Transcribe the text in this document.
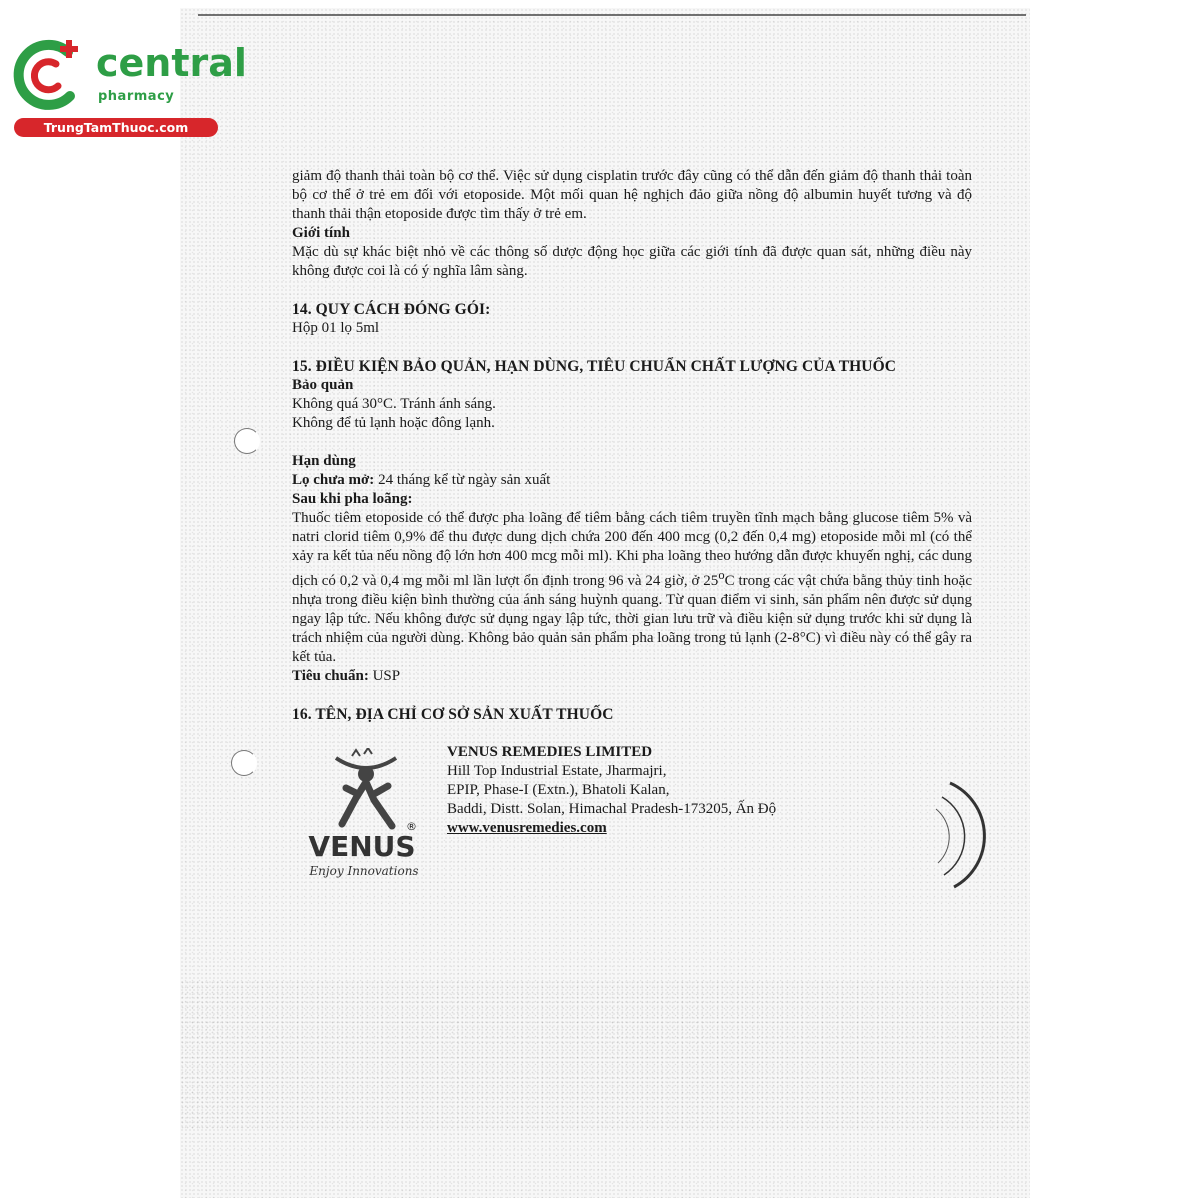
central
pharmacy
TrungTamThuoc.com

giảm độ thanh thải toàn bộ cơ thể. Việc sử dụng cisplatin trước đây cũng có thể dẫn đến giảm độ thanh thải toàn bộ cơ thể ở trẻ em đối với etoposide. Một mối quan hệ nghịch đảo giữa nồng độ albumin huyết tương và độ thanh thải thận etoposide được tìm thấy ở trẻ em.

Giới tính

Mặc dù sự khác biệt nhỏ về các thông số dược động học giữa các giới tính đã được quan sát, những điều này không được coi là có ý nghĩa lâm sàng.

14. QUY CÁCH ĐÓNG GÓI:

Hộp 01 lọ 5ml

15. ĐIỀU KIỆN BẢO QUẢN, HẠN DÙNG, TIÊU CHUẨN CHẤT LƯỢNG CỦA THUỐC

Bảo quản

Không quá 30°C. Tránh ánh sáng.

Không để tủ lạnh hoặc đông lạnh.

Hạn dùng

Lọ chưa mở: 24 tháng kể từ ngày sản xuất

Sau khi pha loãng:

Thuốc tiêm etoposide có thể được pha loãng để tiêm bằng cách tiêm truyền tĩnh mạch bằng glucose tiêm 5% và natri clorid tiêm 0,9% để thu được dung dịch chứa 200 đến 400 mcg (0,2 đến 0,4 mg) etoposide mỗi ml (có thể xảy ra kết tủa nếu nồng độ lớn hơn 400 mcg mỗi ml). Khi pha loãng theo hướng dẫn được khuyến nghị, các dung dịch có 0,2 và 0,4 mg mỗi ml lần lượt ổn định trong 96 và 24 giờ, ở 25$^o$C trong các vật chứa bằng thủy tinh hoặc nhựa trong điều kiện bình thường của ánh sáng huỳnh quang. Từ quan điểm vi sinh, sản phẩm nên được sử dụng ngay lập tức. Nếu không được sử dụng ngay lập tức, thời gian lưu trữ và điều kiện sử dụng trước khi sử dụng là trách nhiệm của người dùng. Không bảo quản sản phẩm pha loãng trong tủ lạnh (2-8°C) vì điều này có thể gây ra kết tủa.

Tiêu chuẩn: USP

16. TÊN, ĐỊA CHỈ CƠ SỞ SẢN XUẤT THUỐC

®
VENUS
Enjoy Innovations

VENUS REMEDIES LIMITED

Hill Top Industrial Estate, Jharmajri,

EPIP, Phase-I (Extn.), Bhatoli Kalan,

Baddi, Distt. Solan, Himachal Pradesh-173205, Ấn Độ

www.venusremedies.com
